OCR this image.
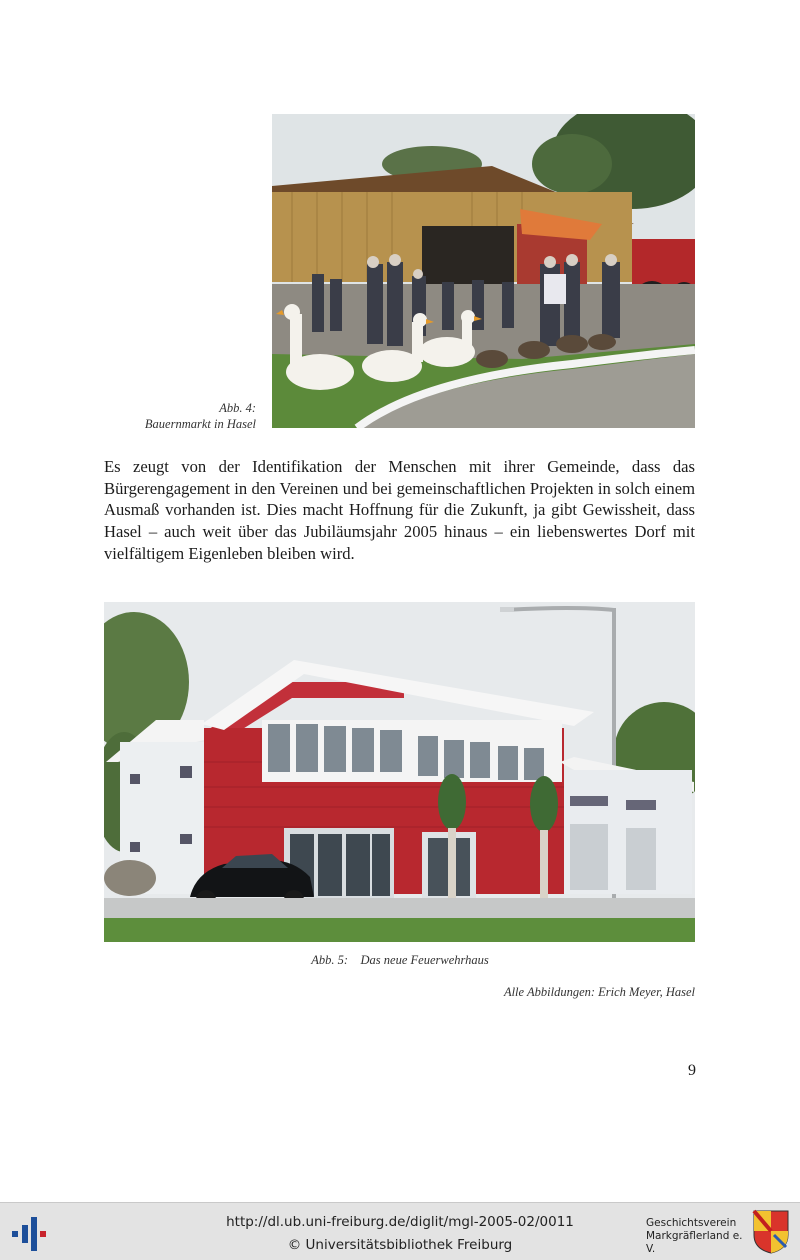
Abb. 4:
Bauernmarkt in Hasel

Es zeugt von der Identifikation der Menschen mit ihrer Gemeinde, dass das Bürgerengagement in den Vereinen und bei gemeinschaftlichen Projekten in solch einem Ausmaß vorhanden ist. Dies macht Hoffnung für die Zukunft, ja gibt Gewissheit, dass Hasel – auch weit über das Jubiläumsjahr 2005 hinaus – ein liebenswertes Dorf mit vielfältigem Eigenleben bleiben wird.

Abb. 5: Das neue Feuerwehrhaus
Alle Abbildungen: Erich Meyer, Hasel
9
http://dl.ub.uni-freiburg.de/diglit/mgl-2005-02/0011
© Universitätsbibliothek Freiburg
Geschichtsverein
Markgräflerland e. V.
